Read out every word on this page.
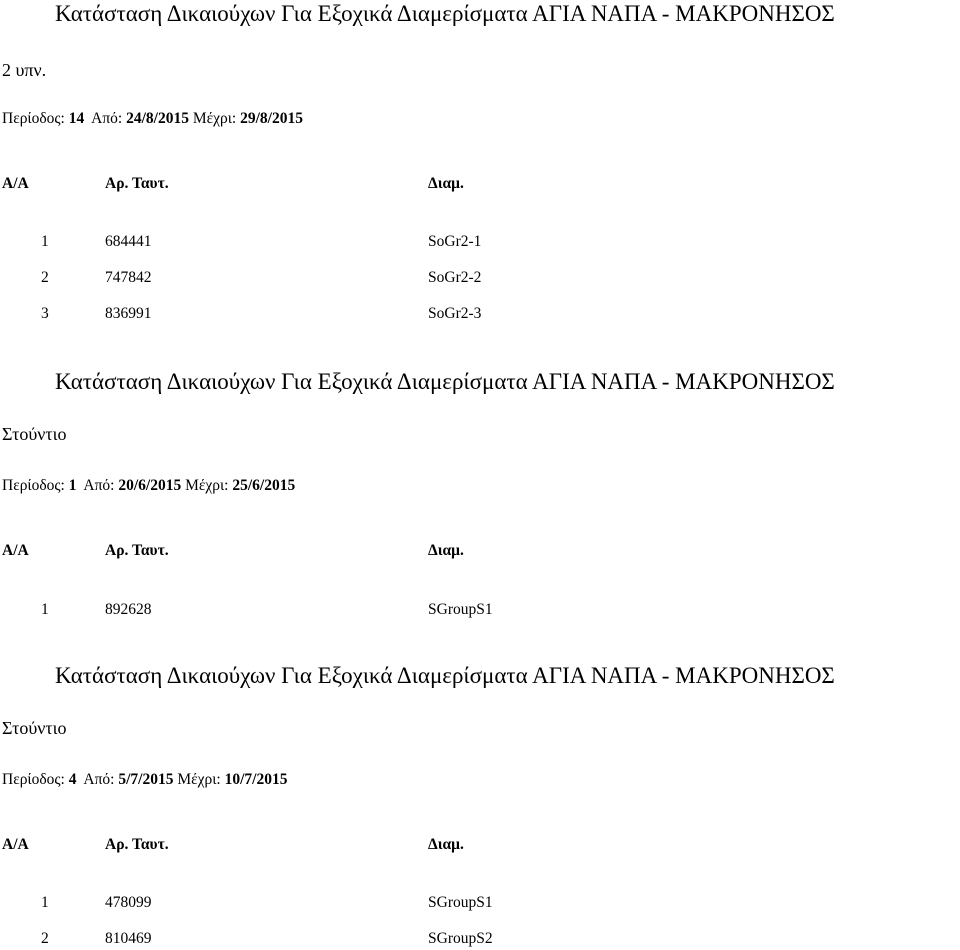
Κατάσταση Δικαιούχων Για Εξοχικά Διαμερίσματα ΑΓΙΑ ΝΑΠΑ - ΜΑΚΡΟΝΗΣΟΣ
2 υπν.
Περίοδος: 14 Από: 24/8/2015 Μέχρι: 29/8/2015
Α/Α	Αρ. Ταυτ.	Διαμ.
1	684441	SoGr2-1
2	747842	SoGr2-2
3	836991	SoGr2-3
Κατάσταση Δικαιούχων Για Εξοχικά Διαμερίσματα ΑΓΙΑ ΝΑΠΑ - ΜΑΚΡΟΝΗΣΟΣ
Στούντιο
Περίοδος: 1 Από: 20/6/2015 Μέχρι: 25/6/2015
Α/Α	Αρ. Ταυτ.	Διαμ.
1	892628	SGroupS1
Κατάσταση Δικαιούχων Για Εξοχικά Διαμερίσματα ΑΓΙΑ ΝΑΠΑ - ΜΑΚΡΟΝΗΣΟΣ
Στούντιο
Περίοδος: 4 Από: 5/7/2015 Μέχρι: 10/7/2015
Α/Α	Αρ. Ταυτ.	Διαμ.
1	478099	SGroupS1
2	810469	SGroupS2
